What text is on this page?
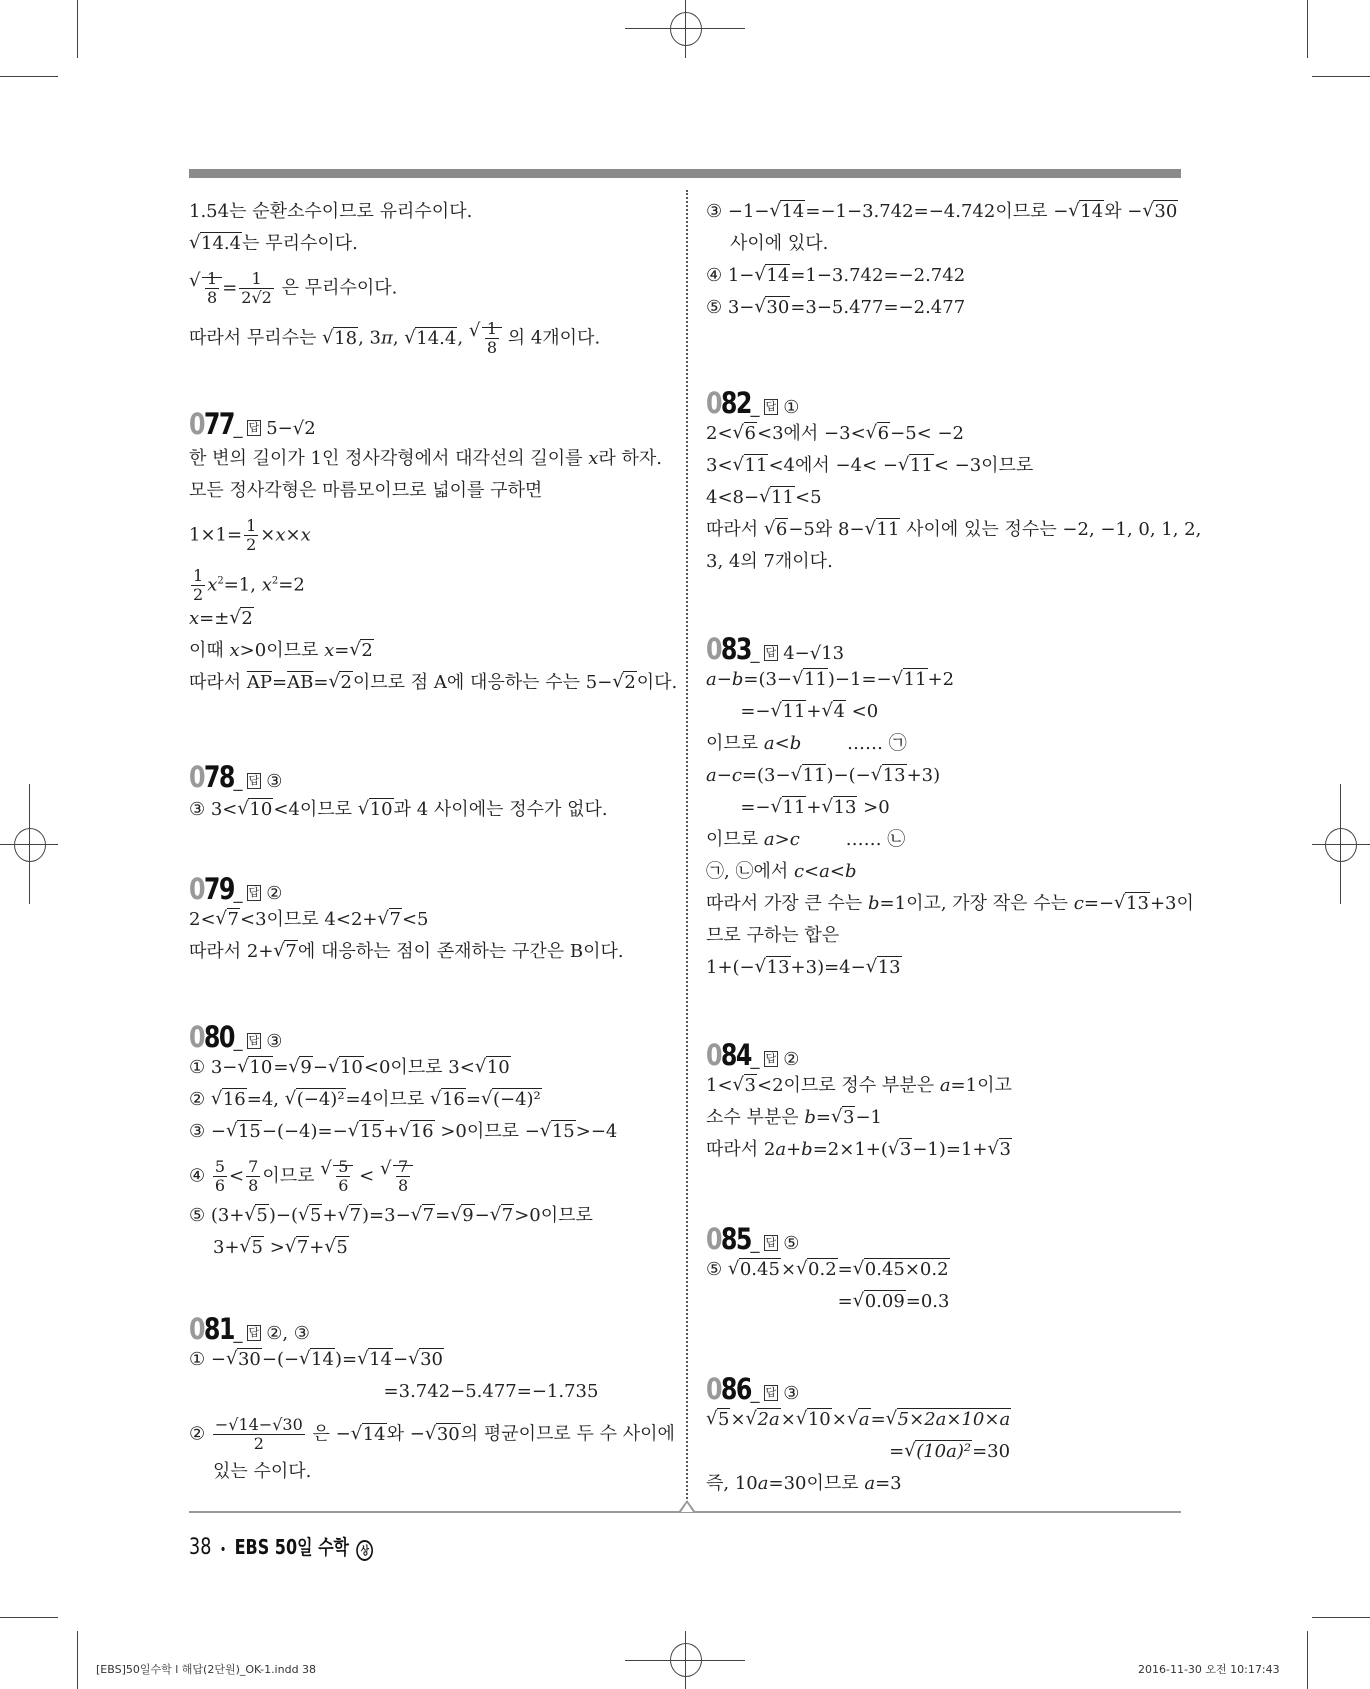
1.54̇는 순환소수이므로 유리수이다.
√ 14.4는 무리수이다.
√ $\frac{1}{8} = \frac{1}{2√2}$ 은 무리수이다.
따라서 무리수는 √ 18, 3π, √ 14.4, √ $\frac{1}{8}$ 의 4개이다.
077 _ 답 5−√2
한 변의 길이가 1인 정사각형에서 대각선의 길이를 x라 하자.
모든 정사각형은 마름모이므로 넓이를 구하면
$1\times 1= \frac{1}{2} \times x\times x$
$\frac{1}{2} x^2=1$, $x^2=2$
x=± √ 2
이때 x>0이므로 x= √ 2
따라서 $\overline{AP}=\overline{AB}=$ √ 2이므로 점 A에 대응하는 수는 5− √ 2이다.
078 _ 답 ③
③ 3< √ 10<4이므로 √ 10과 4 사이에는 정수가 없다.
079 _ 답 ②
2< √ 7<3이므로 4<2+ √ 7<5
따라서 2+ √ 7에 대응하는 점이 존재하는 구간은 B이다.
080 _ 답 ③
① 3− √ 10= √ 9− √ 10<0이므로 3< √ 10
② √ 16=4, √ (−4)²=4이므로 √ 16= √ (−4)²
③ − √ 15−(−4)=− √ 15+ √ 16 >0이므로 − √ 15>−4
④ $\frac{5}{6} < \frac{7}{8}$ 이므로 √ $\frac{5}{6}$ < √ $\frac{7}{8}$
⑤ (3+ √ 5)−( √ 5+ √ 7)=3− √ 7= √ 9− √ 7>0이므로
3+ √ 5 > √ 7+ √ 5
081 _ 답 ②, ③
① − √ 30−(− √ 14)= √ 14− √ 30
=3.742−5.477=−1.735
② $\frac{-√14-√30}{2}$ 은 − √ 14와 − √ 30의 평균이므로 두 수 사이에
있는 수이다.
③ −1− √ 14=−1−3.742=−4.742이므로 − √ 14와 − √ 30
사이에 있다.
④ 1− √ 14=1−3.742=−2.742
⑤ 3− √ 30=3−5.477=−2.477
082 _ 답 ①
2< √ 6<3에서 −3< √ 6−5< −2
3< √ 11<4에서 −4< − √ 11< −3이므로
4<8− √ 11<5
따라서 √ 6−5와 8− √ 11 사이에 있는 정수는 −2, −1, 0, 1, 2,
3, 4의 7개이다.
083 _ 답 4−√13
a−b=(3− √ 11)−1=− √ 11+2
=− √ 11+ √ 4 <0
이므로 a<b        …… ㉠
a−c=(3− √ 11)−(− √ 13+3)
=− √ 11+ √ 13 >0
이므로 a>c        …… ㉡
㉠, ㉡에서 c<a<b
따라서 가장 큰 수는 b=1이고, 가장 작은 수는 c=− √ 13+3이
므로 구하는 합은
1+(− √ 13+3)=4− √ 13
084 _ 답 ②
1< √ 3<2이므로 정수 부분은 a=1이고
소수 부분은 b= √ 3−1
따라서 2a+b=2×1+( √ 3−1)=1+ √ 3
085 _ 답 ⑤
⑤ √ 0.45× √ 0.2= √ 0.45×0.2
= √ 0.09=0.3
086 _ 답 ③
√ 5× √ 2a× √ 10× √ a= √ 5×2a×10×a
= √ (10a)²=30
즉, 10a=30이므로 a=3
38 • EBS 50일 수학 상
[EBS]50일수학 l 해답(2단원)_OK-1.indd 38	2016-11-30 오전 10:17:43
